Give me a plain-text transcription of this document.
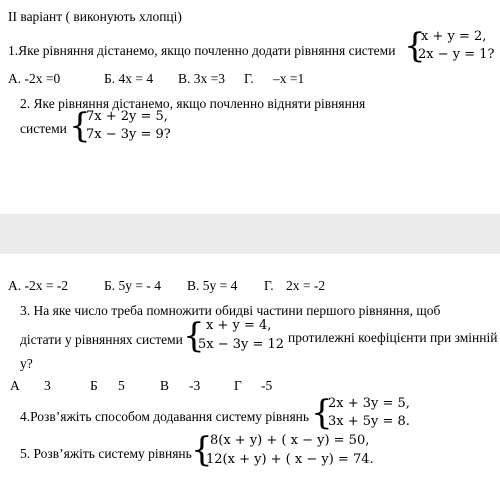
II варіант ( виконують хлопці)
1.Яке рівняння дістанемо, якщо почленно додати рівняння системи {
x + y = 2,
2x − y = 1?
А. -2х =0	Б. 4х = 4 В. 3х =3 Г. –х =1
2. Яке рівняння дістанемо, якщо почленно відняти рівняння
системи {
7x + 2y = 5,
7x − 3y = 9?
А. -2х = -2	Б. 5у = - 4 В. 5у = 4 Г. 2х = -2
3. На яке число треба помножити обидві частини першого рівняння, щоб
дістати у рівняннях системи { x + y = 4,
5x − 3y = 12 протилежні коефіцієнти при змінній
у?
А 3	Б 5	В -3	Г -5
4.Розв’яжіть способом додавання систему рівнянь {
2x + 3y = 5,
3x + 5y = 8.
5. Розв’яжіть систему рівнянь {
8(x + y) + ( x − y) = 50,
12(x + y) + ( x − y) = 74.
